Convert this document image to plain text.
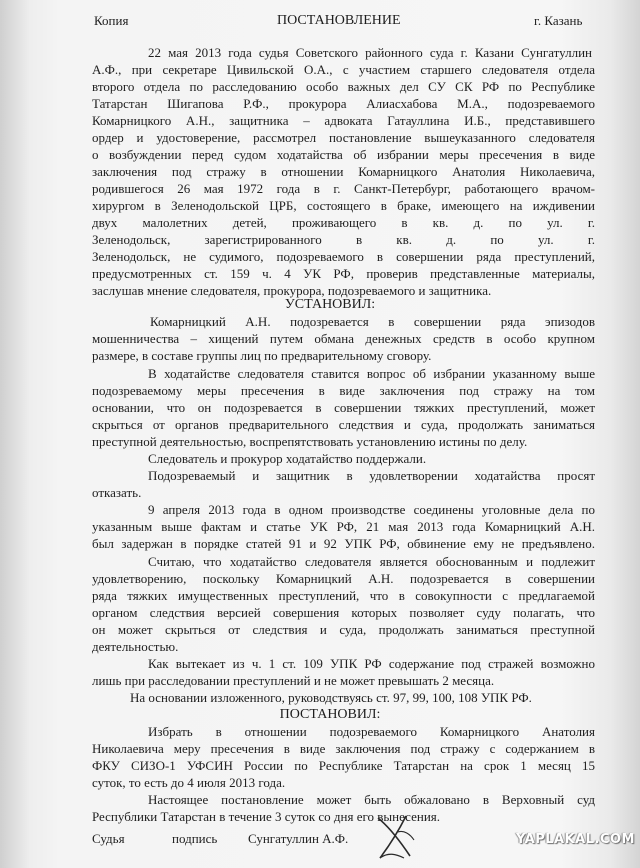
Копия	ПОСТАНОВЛЕНИЕ	г. Казань
22 мая 2013 года судья Советского районного суда г. Казани Сунгатуллин
А.Ф., при секретаре Цивильской О.А., с участием старшего следователя отдела
второго отдела по расследованию особо важных дел СУ СК РФ по Республике
Татарстан Шигапова Р.Ф., прокурора Алиасхабова М.А., подозреваемого
Комарницкого А.Н., защитника – адвоката Гатауллина И.Б., представившего
ордер и удостоверение, рассмотрел постановление вышеуказанного следователя
о возбуждении перед судом ходатайства об избрании меры пресечения в виде
заключения под стражу в отношении Комарницкого Анатолия Николаевича,
родившегося 26 мая 1972 года в г. Санкт-Петербург, работающего врачом-
хирургом в Зеленодольской ЦРБ, состоящего в браке, имеющего на иждивении
двух малолетних детей, проживающего в кв. д. по ул. г.
Зеленодольск, зарегистрированного в кв. д. по ул. г.
Зеленодольск, не судимого, подозреваемого в совершении ряда преступлений,
предусмотренных ст. 159 ч. 4 УК РФ, проверив представленные материалы,
заслушав мнение следователя, прокурора, подозреваемого и защитника.
УСТАНОВИЛ:
Комарницкий А.Н. подозревается в совершении ряда эпизодов
мошенничества – хищений путем обмана денежных средств в особо крупном
размере, в составе группы лиц по предварительному сговору.
В ходатайстве следователя ставится вопрос об избрании указанному выше
подозреваемому меры пресечения в виде заключения под стражу на том
основании, что он подозревается в совершении тяжких преступлений, может
скрыться от органов предварительного следствия и суда, продолжать заниматься
преступной деятельностью, воспрепятствовать установлению истины по делу.
Следователь и прокурор ходатайство поддержали.
Подозреваемый и защитник в удовлетворении ходатайства просят
отказать.
9 апреля 2013 года в одном производстве соединены уголовные дела по
указанным выше фактам и статье УК РФ, 21 мая 2013 года Комарницкий А.Н.
был задержан в порядке статей 91 и 92 УПК РФ, обвинение ему не предъявлено.
Считаю, что ходатайство следователя является обоснованным и подлежит
удовлетворению, поскольку Комарницкий А.Н. подозревается в совершении
ряда тяжких имущественных преступлений, что в совокупности с предлагаемой
органом следствия версией совершения которых позволяет суду полагать, что
он может скрыться от следствия и суда, продолжать заниматься преступной
деятельностью.
Как вытекает из ч. 1 ст. 109 УПК РФ содержание под стражей возможно
лишь при расследовании преступлений и не может превышать 2 месяца.
На основании изложенного, руководствуясь ст. 97, 99, 100, 108 УПК РФ.
ПОСТАНОВИЛ:
Избрать в отношении подозреваемого Комарницкого Анатолия
Николаевича меру пресечения в виде заключения под стражу с содержанием в
ФКУ СИЗО-1 УФСИН России по Республике Татарстан на срок 1 месяц 15
суток, то есть до 4 июля 2013 года.
Настоящее постановление может быть обжаловано в Верховный суд
Республики Татарстан в течение 3 суток со дня его вынесения.
Судья	подпись Сунгатуллин А.Ф.	YAPLAKAL.COM
